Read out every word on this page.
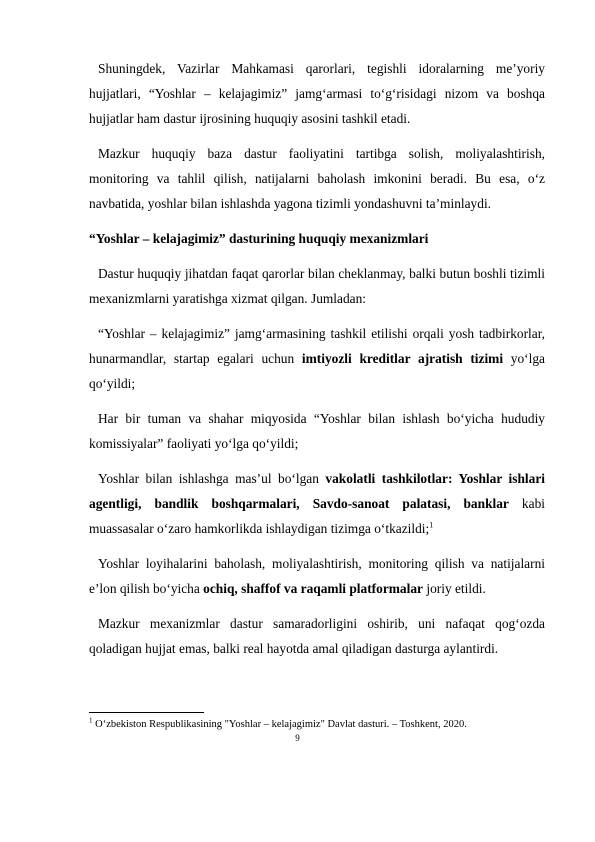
Shuningdek, Vazirlar Mahkamasi qarorlari, tegishli idoralarning me’yoriy hujjatlari, “Yoshlar – kelajagimiz” jamg‘armasi to‘g‘risidagi nizom va boshqa hujjatlar ham dastur ijrosining huquqiy asosini tashkil etadi.

Mazkur huquqiy baza dastur faoliyatini tartibga solish, moliyalashtirish, monitoring va tahlil qilish, natijalarni baholash imkonini beradi. Bu esa, o‘z navbatida, yoshlar bilan ishlashda yagona tizimli yondashuvni ta’minlaydi.

“Yoshlar – kelajagimiz” dasturining huquqiy mexanizmlari

Dastur huquqiy jihatdan faqat qarorlar bilan cheklanmay, balki butun boshli tizimli mexanizmlarni yaratishga xizmat qilgan. Jumladan:

“Yoshlar – kelajagimiz” jamg‘armasining tashkil etilishi orqali yosh tadbirkorlar, hunarmandlar, startap egalari uchun imtiyozli kreditlar ajratish tizimi yo‘lga qo‘yildi;

Har bir tuman va shahar miqyosida “Yoshlar bilan ishlash bo‘yicha hududiy komissiyalar” faoliyati yo‘lga qo‘yildi;

Yoshlar bilan ishlashga mas’ul bo‘lgan vakolatli tashkilotlar: Yoshlar ishlari agentligi, bandlik boshqarmalari, Savdo-sanoat palatasi, banklar kabi muassasalar o‘zaro hamkorlikda ishlaydigan tizimga o‘tkazildi;$^1$

Yoshlar loyihalarini baholash, moliyalashtirish, monitoring qilish va natijalarni e’lon qilish bo‘yicha ochiq, shaffof va raqamli platformalar joriy etildi.

Mazkur mexanizmlar dastur samaradorligini oshirib, uni nafaqat qog‘ozda qoladigan hujjat emas, balki real hayotda amal qiladigan dasturga aylantirdi.

$^1$ O‘zbekiston Respublikasining "Yoshlar – kelajagimiz" Davlat dasturi. – Toshkent, 2020.
9
